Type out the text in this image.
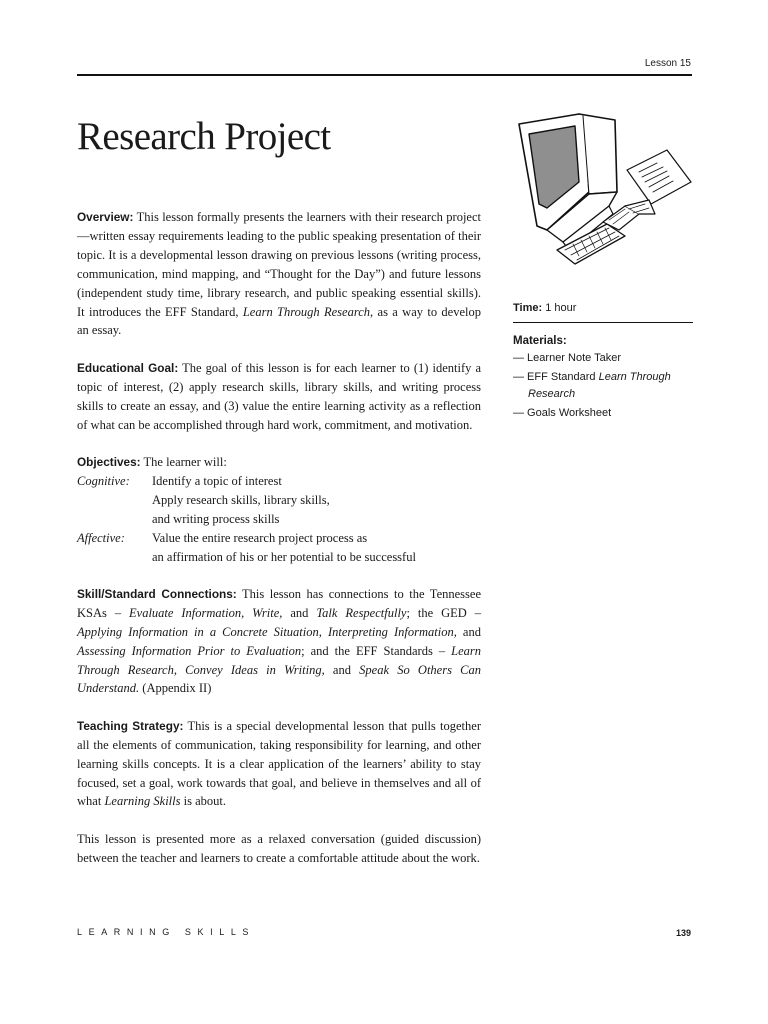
Lesson 15
Research Project
Time: 1 hour
Materials:
— Learner Note Taker
— EFF Standard Learn Through
Research
— Goals Worksheet

Overview: This lesson formally presents the learners with their research project—written essay requirements leading to the public speaking presentation of their topic. It is a developmental lesson drawing on previous lessons (writing process, communication, mind mapping, and “Thought for the Day”) and future lessons (independent study time, library research, and public speaking essential skills). It introduces the EFF Standard, Learn Through Research, as a way to develop an essay.

Educational Goal: The goal of this lesson is for each learner to (1) identify a topic of interest, (2) apply research skills, library skills, and writing process skills to create an essay, and (3) value the entire learning activity as a reflection of what can be accomplished through hard work, commitment, and motivation.

Objectives: The learner will:
Cognitive:	Identify a topic of interest
Apply research skills, library skills,
and writing process skills
Affective:	Value the entire research project process as
an affirmation of his or her potential to be successful

Skill/Standard Connections: This lesson has connections to the Tennessee KSAs – Evaluate Information, Write, and Talk Respectfully; the GED – Applying Information in a Concrete Situation, Interpreting Information, and Assessing Information Prior to Evaluation; and the EFF Standards – Learn Through Research, Convey Ideas in Writing, and Speak So Others Can Understand. (Appendix II)

Teaching Strategy: This is a special developmental lesson that pulls together all the elements of communication, taking responsibility for learning, and other learning skills concepts. It is a clear application of the learners’ ability to stay focused, set a goal, work towards that goal, and believe in themselves and all of what Learning Skills is about.

This lesson is presented more as a relaxed conversation (guided discussion) between the teacher and learners to create a comfortable attitude about the work.

LEARNING SKILLS	139
